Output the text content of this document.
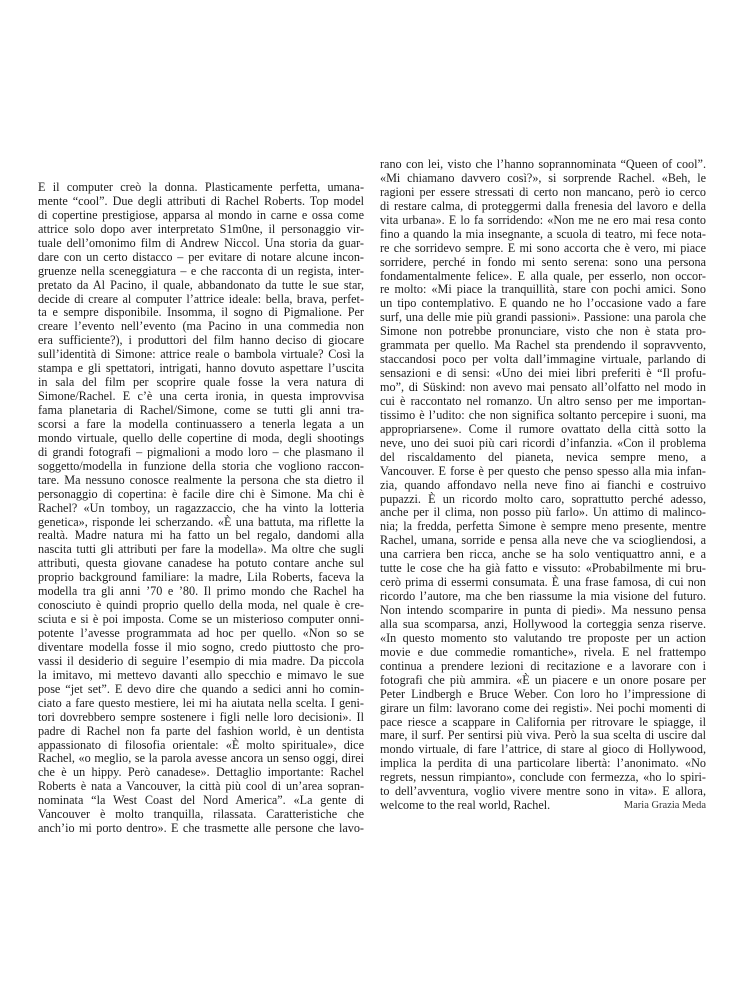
E il computer creò la donna. Plasticamente perfetta, umana-
mente “cool”. Due degli attributi di Rachel Roberts. Top model
di copertine prestigiose, apparsa al mondo in carne e ossa come
attrice solo dopo aver interpretato S1m0ne, il personaggio vir-
tuale dell’omonimo film di Andrew Niccol. Una storia da guar-
dare con un certo distacco – per evitare di notare alcune incon-
gruenze nella sceneggiatura – e che racconta di un regista, inter-
pretato da Al Pacino, il quale, abbandonato da tutte le sue star,
decide di creare al computer l’attrice ideale: bella, brava, perfet-
ta e sempre disponibile. Insomma, il sogno di Pigmalione. Per
creare l’evento nell’evento (ma Pacino in una commedia non
era sufficiente?), i produttori del film hanno deciso di giocare
sull’identità di Simone: attrice reale o bambola virtuale? Così la
stampa e gli spettatori, intrigati, hanno dovuto aspettare l’uscita
in sala del film per scoprire quale fosse la vera natura di
Simone/Rachel. E c’è una certa ironia, in questa improvvisa
fama planetaria di Rachel/Simone, come se tutti gli anni tra-
scorsi a fare la modella continuassero a tenerla legata a un
mondo virtuale, quello delle copertine di moda, degli shootings
di grandi fotografi – pigmalioni a modo loro – che plasmano il
soggetto/modella in funzione della storia che vogliono raccon-
tare. Ma nessuno conosce realmente la persona che sta dietro il
personaggio di copertina: è facile dire chi è Simone. Ma chi è
Rachel? «Un tomboy, un ragazzaccio, che ha vinto la lotteria
genetica», risponde lei scherzando. «È una battuta, ma riflette la
realtà. Madre natura mi ha fatto un bel regalo, dandomi alla
nascita tutti gli attributi per fare la modella». Ma oltre che sugli
attributi, questa giovane canadese ha potuto contare anche sul
proprio background familiare: la madre, Lila Roberts, faceva la
modella tra gli anni ’70 e ’80. Il primo mondo che Rachel ha
conosciuto è quindi proprio quello della moda, nel quale è cre-
sciuta e si è poi imposta. Come se un misterioso computer onni-
potente l’avesse programmata ad hoc per quello. «Non so se
diventare modella fosse il mio sogno, credo piuttosto che pro-
vassi il desiderio di seguire l’esempio di mia madre. Da piccola
la imitavo, mi mettevo davanti allo specchio e mimavo le sue
pose “jet set”. E devo dire che quando a sedici anni ho comin-
ciato a fare questo mestiere, lei mi ha aiutata nella scelta. I geni-
tori dovrebbero sempre sostenere i figli nelle loro decisioni». Il
padre di Rachel non fa parte del fashion world, è un dentista
appassionato di filosofia orientale: «È molto spirituale», dice
Rachel, «o meglio, se la parola avesse ancora un senso oggi, direi
che è un hippy. Però canadese». Dettaglio importante: Rachel
Roberts è nata a Vancouver, la città più cool di un’area sopran-
nominata “la West Coast del Nord America”. «La gente di
Vancouver è molto tranquilla, rilassata. Caratteristiche che
anch’io mi porto dentro». E che trasmette alle persone che lavo-
rano con lei, visto che l’hanno soprannominata “Queen of cool”.
«Mi chiamano davvero così?», si sorprende Rachel. «Beh, le
ragioni per essere stressati di certo non mancano, però io cerco
di restare calma, di proteggermi dalla frenesia del lavoro e della
vita urbana». E lo fa sorridendo: «Non me ne ero mai resa conto
fino a quando la mia insegnante, a scuola di teatro, mi fece nota-
re che sorridevo sempre. E mi sono accorta che è vero, mi piace
sorridere, perché in fondo mi sento serena: sono una persona
fondamentalmente felice». E alla quale, per esserlo, non occor-
re molto: «Mi piace la tranquillità, stare con pochi amici. Sono
un tipo contemplativo. E quando ne ho l’occasione vado a fare
surf, una delle mie più grandi passioni». Passione: una parola che
Simone non potrebbe pronunciare, visto che non è stata pro-
grammata per quello. Ma Rachel sta prendendo il sopravvento,
staccandosi poco per volta dall’immagine virtuale, parlando di
sensazioni e di sensi: «Uno dei miei libri preferiti è “Il profu-
mo”, di Süskind: non avevo mai pensato all’olfatto nel modo in
cui è raccontato nel romanzo. Un altro senso per me importan-
tissimo è l’udito: che non significa soltanto percepire i suoni, ma
appropriarsene». Come il rumore ovattato della città sotto la
neve, uno dei suoi più cari ricordi d’infanzia. «Con il problema
del riscaldamento del pianeta, nevica sempre meno, a
Vancouver. E forse è per questo che penso spesso alla mia infan-
zia, quando affondavo nella neve fino ai fianchi e costruivo
pupazzi. È un ricordo molto caro, soprattutto perché adesso,
anche per il clima, non posso più farlo». Un attimo di malinco-
nia; la fredda, perfetta Simone è sempre meno presente, mentre
Rachel, umana, sorride e pensa alla neve che va sciogliendosi, a
una carriera ben ricca, anche se ha solo ventiquattro anni, e a
tutte le cose che ha già fatto e vissuto: «Probabilmente mi bru-
cerò prima di essermi consumata. È una frase famosa, di cui non
ricordo l’autore, ma che ben riassume la mia visione del futuro.
Non intendo scomparire in punta di piedi». Ma nessuno pensa
alla sua scomparsa, anzi, Hollywood la corteggia senza riserve.
«In questo momento sto valutando tre proposte per un action
movie e due commedie romantiche», rivela. E nel frattempo
continua a prendere lezioni di recitazione e a lavorare con i
fotografi che più ammira. «È un piacere e un onore posare per
Peter Lindbergh e Bruce Weber. Con loro ho l’impressione di
girare un film: lavorano come dei registi». Nei pochi momenti di
pace riesce a scappare in California per ritrovare le spiagge, il
mare, il surf. Per sentirsi più viva. Però la sua scelta di uscire dal
mondo virtuale, di fare l’attrice, di stare al gioco di Hollywood,
implica la perdita di una particolare libertà: l’anonimato. «No
regrets, nessun rimpianto», conclude con fermezza, «ho lo spiri-
to dell’avventura, voglio vivere mentre sono in vita». E allora,
welcome to the real world, Rachel.	Maria Grazia Meda
